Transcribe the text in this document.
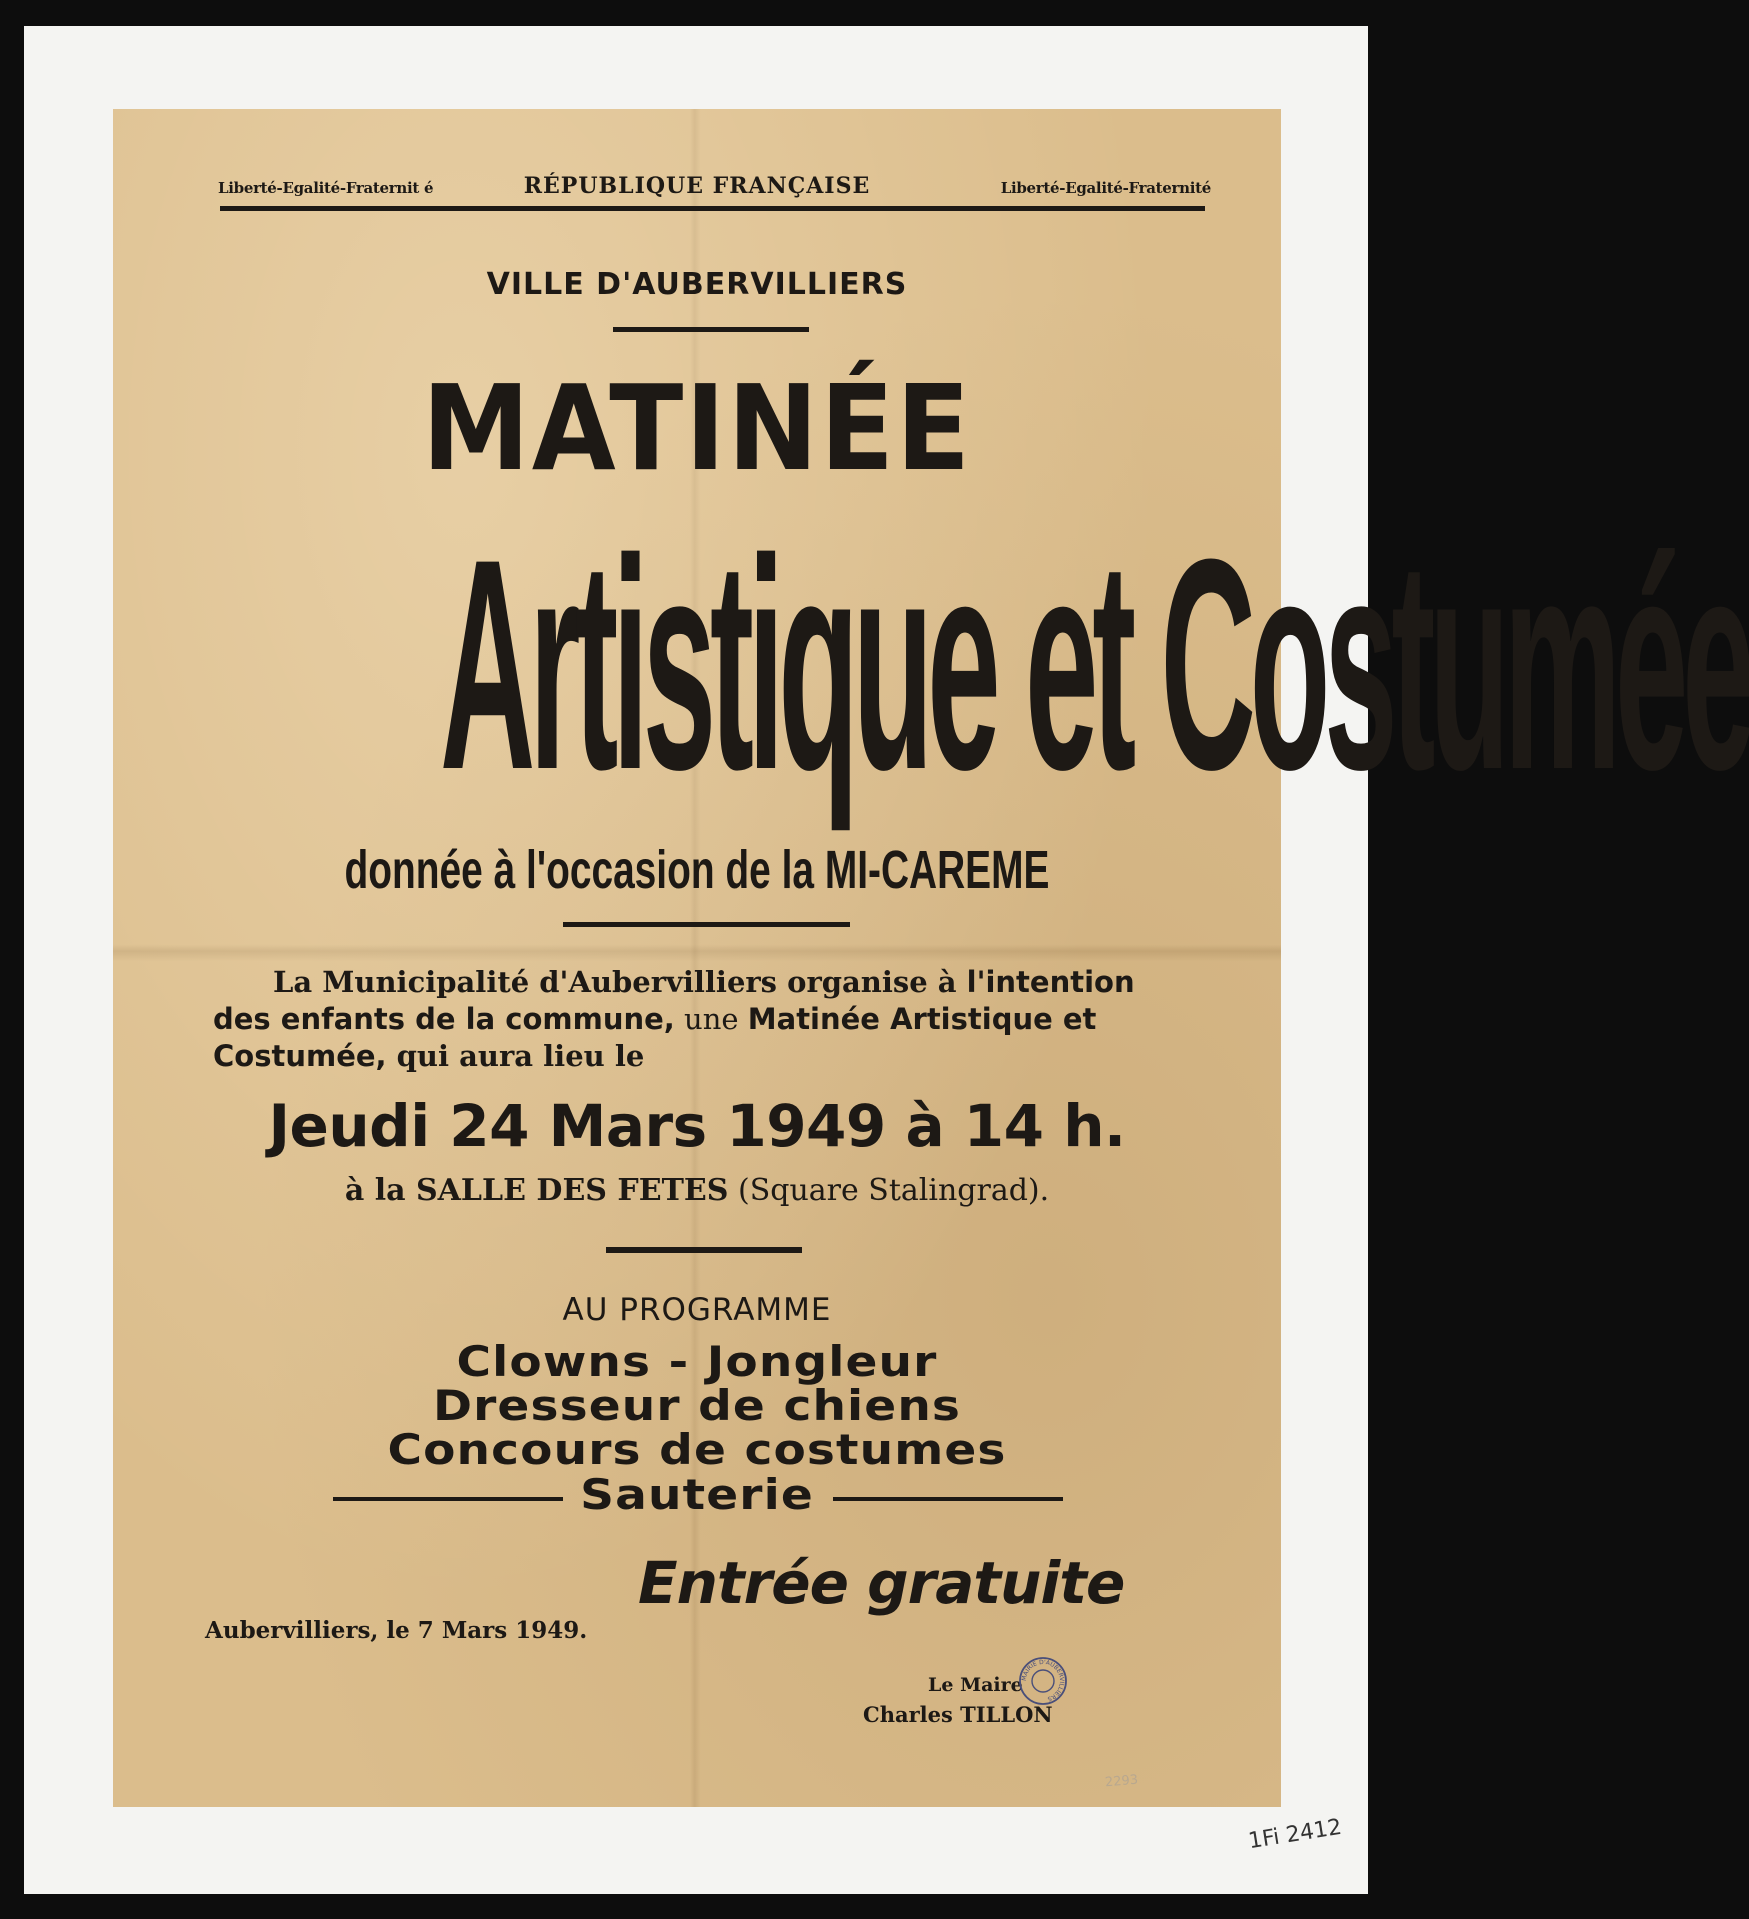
Liberté-Egalité-Fraternit é	RÉPUBLIQUE FRANÇAISE	Liberté-Egalité-Fraternité
VILLE D'AUBERVILLIERS
MATINÉE
Artistique et Costumée
donnée à l'occasion de la MI-CAREME
La Municipalité d'Aubervilliers organise à l'intention des enfants de la commune, une Matinée Artistique et Costumée, qui aura lieu le
Jeudi 24 Mars 1949 à 14 h.
à la SALLE DES FETES (Square Stalingrad).
AU PROGRAMME
Clowns - Jongleur
Dresseur de chiens
Concours de costumes
Sauterie
Entrée gratuite
Aubervilliers, le 7 Mars 1949.
Le Maire
Charles TILLON
MAIRIE D'AUBERVILLIERS
2293
1Fi 2412
